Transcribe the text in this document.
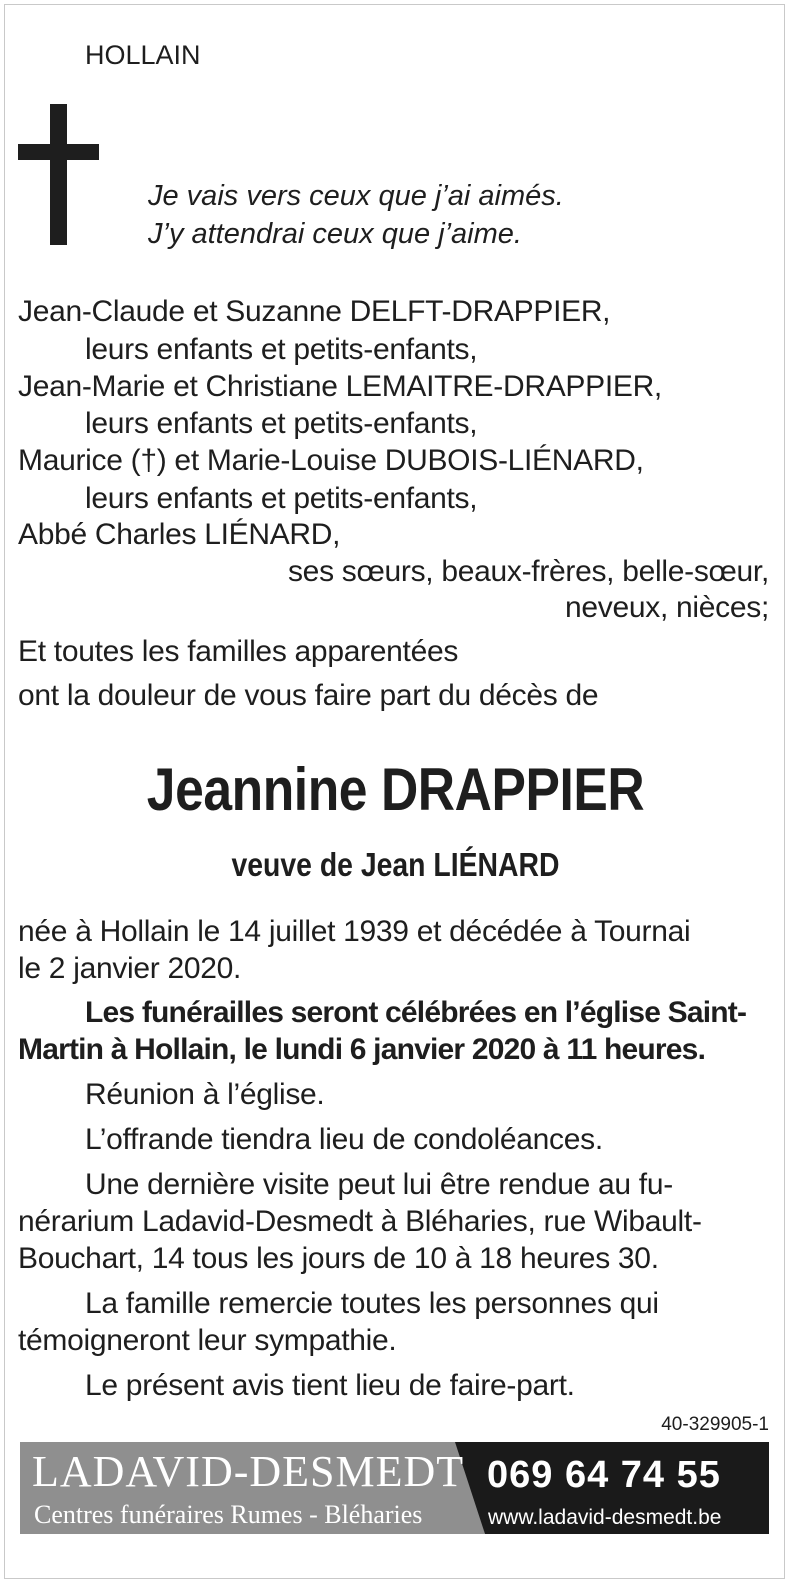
HOLLAIN
Je vais vers ceux que j’ai aimés.
J’y attendrai ceux que j’aime.
Jean-Claude et Suzanne DELFT-DRAPPIER,
leurs enfants et petits-enfants,
Jean-Marie et Christiane LEMAITRE-DRAPPIER,
leurs enfants et petits-enfants,
Maurice (†) et Marie-Louise DUBOIS-LIÉNARD,
leurs enfants et petits-enfants,
Abbé Charles LIÉNARD,
ses sœurs, beaux-frères, belle-sœur,
neveux, nièces;
Et toutes les familles apparentées
ont la douleur de vous faire part du décès de
Jeannine DRAPPIER
veuve de Jean LIÉNARD
née à Hollain le 14 juillet 1939 et décédée à Tournai
le 2 janvier 2020.
Les funérailles seront célébrées en l’église Saint-
Martin à Hollain, le lundi 6 janvier 2020 à 11 heures.
Réunion à l’église.
L’offrande tiendra lieu de condoléances.
Une dernière visite peut lui être rendue au fu-
nérarium Ladavid-Desmedt à Bléharies, rue Wibault-
Bouchart, 14 tous les jours de 10 à 18 heures 30.
La famille remercie toutes les personnes qui
témoigneront leur sympathie.
Le présent avis tient lieu de faire-part.
40-329905-1
LADAVID-DESMEDT
Centres funéraires Rumes - Bléharies
069 64 74 55
www.ladavid-desmedt.be
